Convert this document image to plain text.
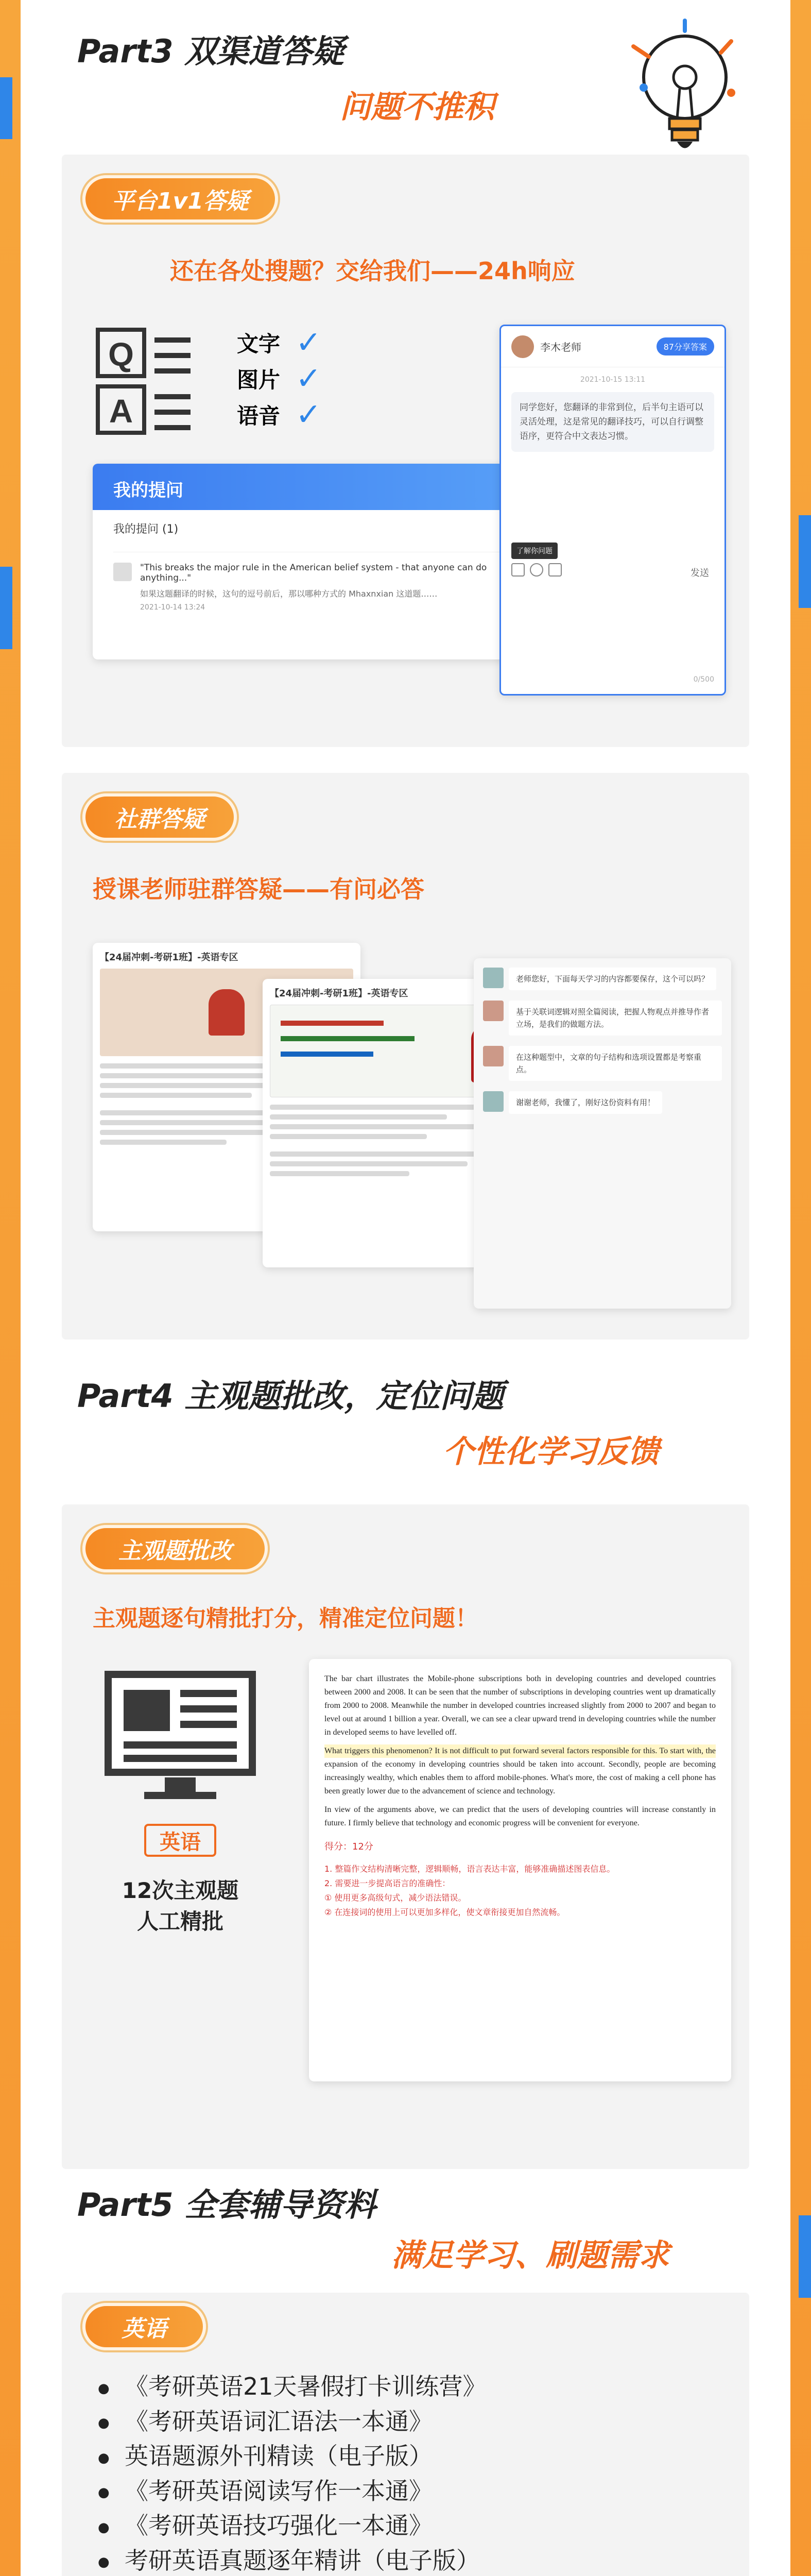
Part3 双渠道答疑
问题不推积
平台1v1答疑
还在各处搜题？交给我们——24h响应
Q
A
文字 ✓
图片 ✓
语音 ✓
我的提问
我的提问 (1)
"This breaks the major rule in the American belief system - that anyone can do anything..."
如果这题翻译的时候，这句的逗号前后，那以哪种方式的 Mhaxnxian 这道题……
2021-10-14 13:24
李木老师	87分享答案
2021-10-15 13:11
同学您好，您翻译的非常到位，后半句主语可以灵活处理，这是常见的翻译技巧，可以自行调整语序，更符合中文表达习惯。
了解你问题
发送
0/500
社群答疑
授课老师驻群答疑——有问必答
【24届冲刺-考研1班】-英语专区
【24届冲刺-考研1班】-英语专区
老师您好，下面每天学习的内容都要保存，这个可以吗？
基于关联词逻辑对照全篇阅读，把握人物观点并推导作者立场，是我们的做题方法。
在这种题型中，文章的句子结构和选项设置都是考察重点。
谢谢老师，我懂了，刚好这份资料有用！
Part4 主观题批改，定位问题
个性化学习反馈
主观题批改
主观题逐句精批打分，精准定位问题！
英语
12次主观题
人工精批

The bar chart illustrates the Mobile-phone subscriptions both in developing countries and developed countries between 2000 and 2008. It can be seen that the number of subscriptions in developing countries went up dramatically from 2000 to 2008. Meanwhile the number in developed countries increased slightly from 2000 to 2007 and began to level out at around 1 billion a year. Overall, we can see a clear upward trend in developing countries while the number in developed seems to have levelled off.

What triggers this phenomenon? It is not difficult to put forward several factors responsible for this. To start with, the expansion of the economy in developing countries should be taken into account. Secondly, people are becoming increasingly wealthy, which enables them to afford mobile-phones. What's more, the cost of making a cell phone has been greatly lower due to the advancement of science and technology.

In view of the arguments above, we can predict that the users of developing countries will increase constantly in future. I firmly believe that technology and economic progress will be convenient for everyone.

得分：12分
1. 整篇作文结构清晰完整，逻辑顺畅，语言表达丰富，能够准确描述图表信息。
2. 需要进一步提高语言的准确性：
① 使用更多高级句式，减少语法错误。
② 在连接词的使用上可以更加多样化，使文章衔接更加自然流畅。
Part5 全套辅导资料
满足学习、刷题需求
英语
● 《考研英语21天暑假打卡训练营》
● 《考研英语词汇语法一本通》
● 英语题源外刊精读（电子版）
● 《考研英语阅读写作一本通》
● 《考研英语技巧强化一本通》
● 考研英语真题逐年精讲（电子版）
